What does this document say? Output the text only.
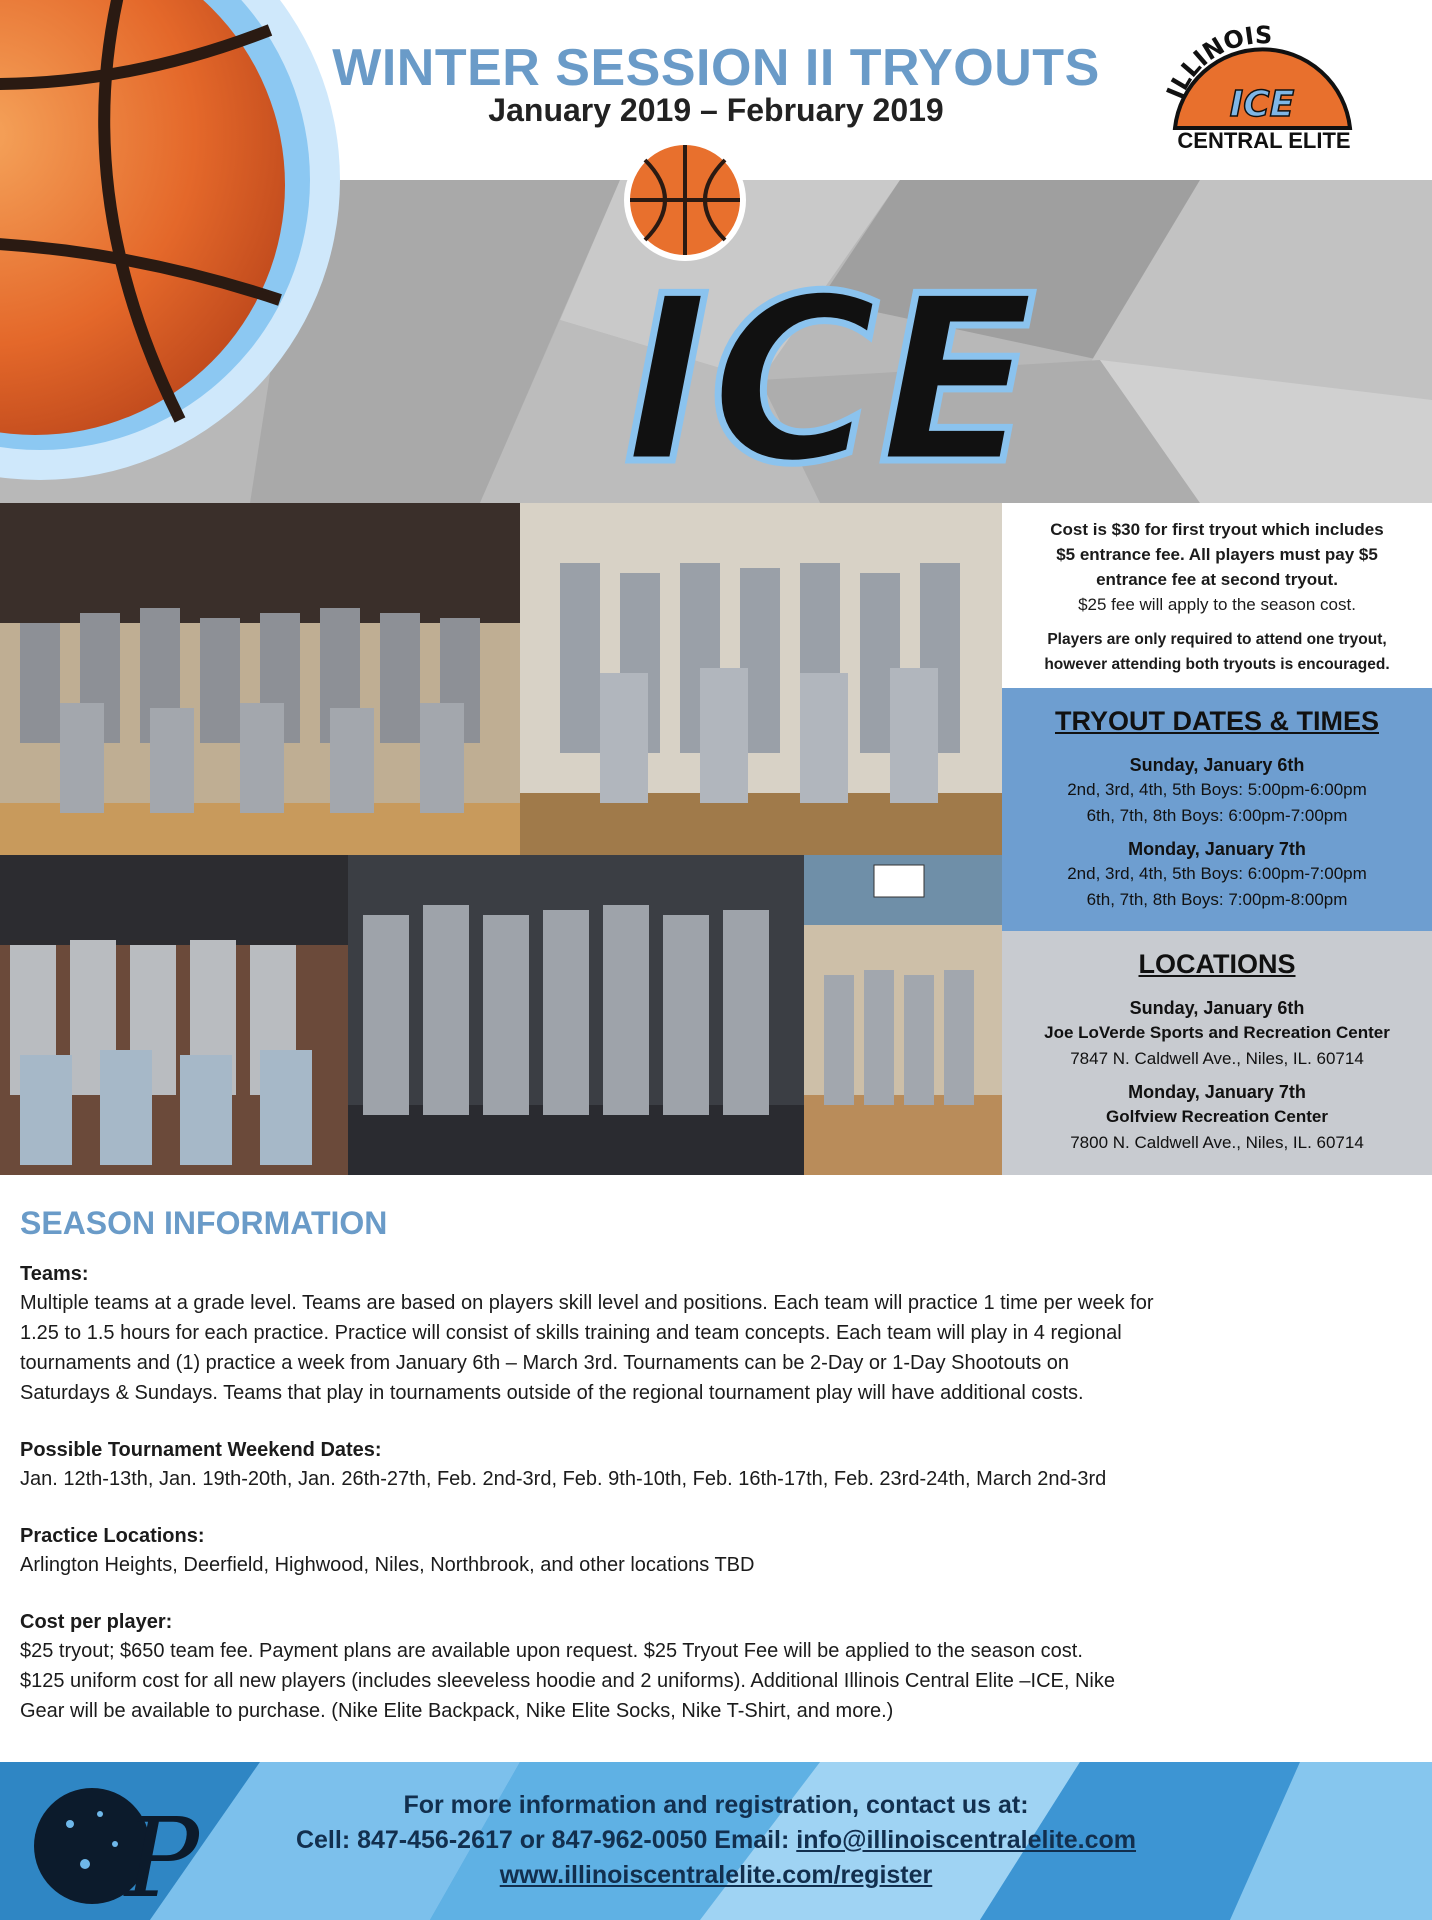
WINTER SESSION II TRYOUTS
January 2019 – February 2019
ICE
ILLINOIS
ICE
CENTRAL ELITE
Cost is $30 for first tryout which includes
$5 entrance fee. All players must pay $5
entrance fee at second tryout.
$25 fee will apply to the season cost.
Players are only required to attend one tryout,
however attending both tryouts is encouraged.
TRYOUT DATES & TIMES
Sunday, January 6th
2nd, 3rd, 4th, 5th Boys: 5:00pm-6:00pm
6th, 7th, 8th Boys: 6:00pm-7:00pm
Monday, January 7th
2nd, 3rd, 4th, 5th Boys: 6:00pm-7:00pm
6th, 7th, 8th Boys: 7:00pm-8:00pm
LOCATIONS
Sunday, January 6th
Joe LoVerde Sports and Recreation Center
7847 N. Caldwell Ave., Niles, IL. 60714
Monday, January 7th
Golfview Recreation Center
7800 N. Caldwell Ave., Niles, IL. 60714
SEASON INFORMATION

Teams:

Multiple teams at a grade level. Teams are based on players skill level and positions. Each team will practice 1 time per week for
1.25 to 1.5 hours for each practice. Practice will consist of skills training and team concepts. Each team will play in 4 regional
tournaments and (1) practice a week from January 6th – March 3rd. Tournaments can be 2-Day or 1-Day Shootouts on
Saturdays & Sundays. Teams that play in tournaments outside of the regional tournament play will have additional costs.

Possible Tournament Weekend Dates:

Jan. 12th-13th, Jan. 19th-20th, Jan. 26th-27th, Feb. 2nd-3rd, Feb. 9th-10th, Feb. 16th-17th, Feb. 23rd-24th, March 2nd-3rd

Practice Locations:

Arlington Heights, Deerfield, Highwood, Niles, Northbrook, and other locations TBD

Cost per player:

$25 tryout; $650 team fee. Payment plans are available upon request. $25 Tryout Fee will be applied to the season cost.
$125 uniform cost for all new players (includes sleeveless hoodie and 2 uniforms). Additional Illinois Central Elite –ICE, Nike
Gear will be available to purchase. (Nike Elite Backpack, Nike Elite Socks, Nike T-Shirt, and more.)
P	For more information and registration, contact us at:
Cell: 847-456-2617 or 847-962-0050 Email: info@illinoiscentralelite.com
www.illinoiscentralelite.com/register
